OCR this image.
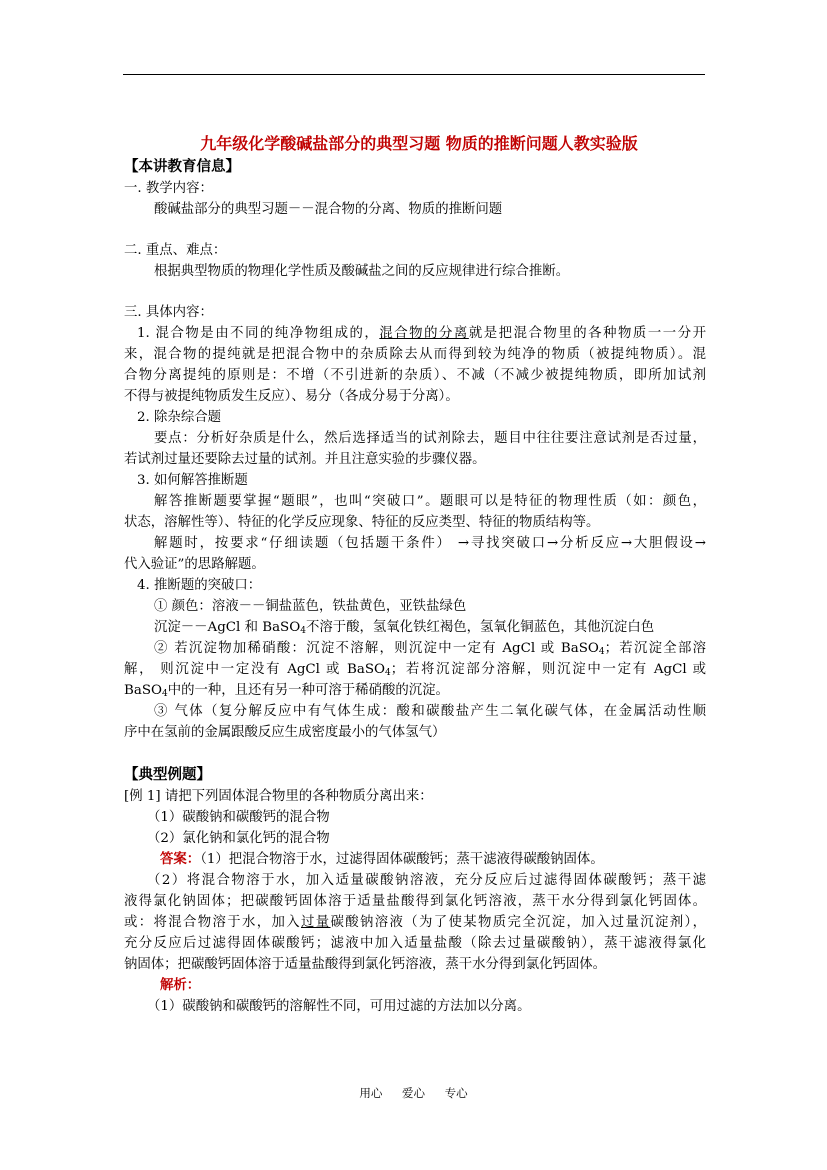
九年级化学酸碱盐部分的典型习题 物质的推断问题人教实验版
【本讲教育信息】
一. 教学内容：
酸碱盐部分的典型习题－－混合物的分离、物质的推断问题
二. 重点、难点：
根据典型物质的物理化学性质及酸碱盐之间的反应规律进行综合推断。
三. 具体内容：
1. 混合物是由不同的纯净物组成的，混合物的分离就是把混合物里的各种物质一一分开
来，混合物的提纯就是把混合物中的杂质除去从而得到较为纯净的物质（被提纯物质）。混
合物分离提纯的原则是：不增（不引进新的杂质）、不减（不减少被提纯物质，即所加试剂
不得与被提纯物质发生反应）、易分（各成分易于分离）。
2. 除杂综合题
要点：分析好杂质是什么，然后选择适当的试剂除去，题目中往往要注意试剂是否过量，
若试剂过量还要除去过量的试剂。并且注意实验的步骤仪器。
3. 如何解答推断题
解答推断题要掌握“题眼”，也叫“突破口”。题眼可以是特征的物理性质（如：颜色，
状态，溶解性等）、特征的化学反应现象、特征的反应类型、特征的物质结构等。
解题时，按要求“仔细读题（包括题干条件） →寻找突破口→分析反应→大胆假设→
代入验证”的思路解题。
4. 推断题的突破口：
① 颜色：溶液－－铜盐蓝色，铁盐黄色，亚铁盐绿色
沉淀－－AgCl 和 BaSO$_4$不溶于酸，氢氧化铁红褐色，氢氧化铜蓝色，其他沉淀白色
② 若沉淀物加稀硝酸：沉淀不溶解，则沉淀中一定有 AgCl 或 BaSO$_4$；若沉淀全部溶
解， 则沉淀中一定没有 AgCl 或 BaSO$_4$；若将沉淀部分溶解，则沉淀中一定有 AgCl 或
BaSO$_4$中的一种，且还有另一种可溶于稀硝酸的沉淀。
③ 气体（复分解反应中有气体生成：酸和碳酸盐产生二氧化碳气体，在金属活动性顺
序中在氢前的金属跟酸反应生成密度最小的气体氢气）
【典型例题】
[例 1] 请把下列固体混合物里的各种物质分离出来：
（1）碳酸钠和碳酸钙的混合物
（2）氯化钠和氯化钙的混合物
答案：（1）把混合物溶于水，过滤得固体碳酸钙；蒸干滤液得碳酸钠固体。
（2）将混合物溶于水，加入适量碳酸钠溶液，充分反应后过滤得固体碳酸钙；蒸干滤
液得氯化钠固体；把碳酸钙固体溶于适量盐酸得到氯化钙溶液，蒸干水分得到氯化钙固体。
或：将混合物溶于水，加入过量碳酸钠溶液（为了使某物质完全沉淀，加入过量沉淀剂），
充分反应后过滤得固体碳酸钙；滤液中加入适量盐酸（除去过量碳酸钠），蒸干滤液得氯化
钠固体；把碳酸钙固体溶于适量盐酸得到氯化钙溶液，蒸干水分得到氯化钙固体。
解析：
（1）碳酸钠和碳酸钙的溶解性不同，可用过滤的方法加以分离。
用心 爱心 专心
